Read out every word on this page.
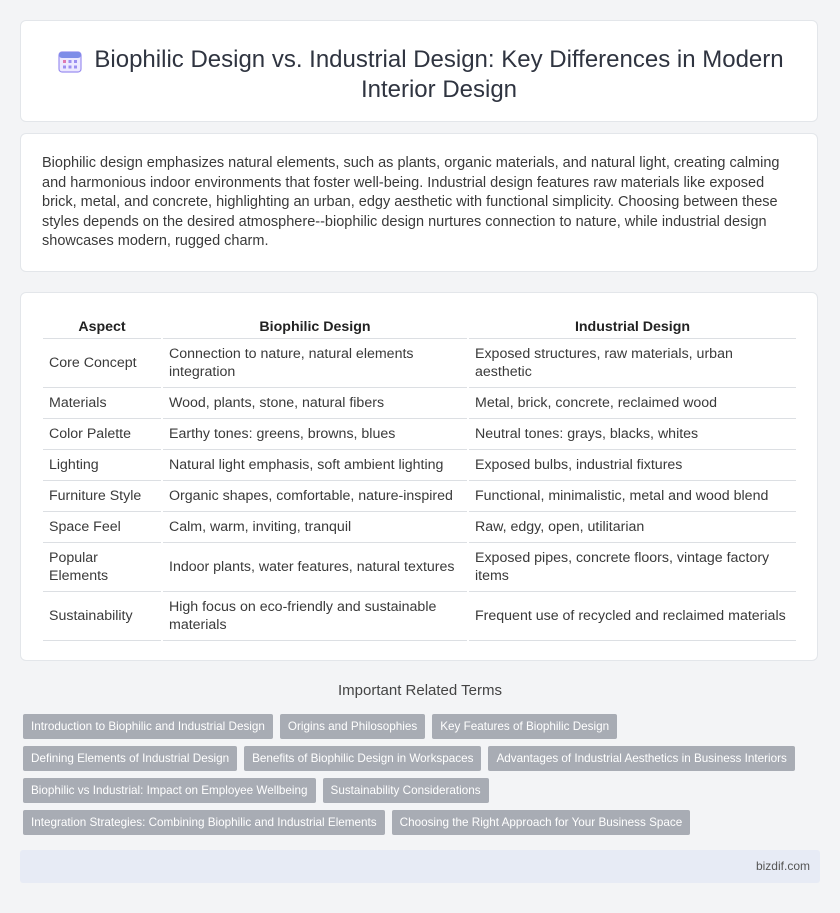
Biophilic Design vs. Industrial Design: Key Differences in Modern Interior Design

Biophilic design emphasizes natural elements, such as plants, organic materials, and natural light, creating calming and harmonious indoor environments that foster well-being. Industrial design features raw materials like exposed brick, metal, and concrete, highlighting an urban, edgy aesthetic with functional simplicity. Choosing between these styles depends on the desired atmosphere--biophilic design nurtures connection to nature, while industrial design showcases modern, rugged charm.

Aspect	Biophilic Design	Industrial Design
Core Concept	Connection to nature, natural elements integration	Exposed structures, raw materials, urban aesthetic
Materials	Wood, plants, stone, natural fibers	Metal, brick, concrete, reclaimed wood
Color Palette	Earthy tones: greens, browns, blues	Neutral tones: grays, blacks, whites
Lighting	Natural light emphasis, soft ambient lighting	Exposed bulbs, industrial fixtures
Furniture Style	Organic shapes, comfortable, nature-inspired	Functional, minimalistic, metal and wood blend
Space Feel	Calm, warm, inviting, tranquil	Raw, edgy, open, utilitarian
Popular Elements	Indoor plants, water features, natural textures	Exposed pipes, concrete floors, vintage factory items
Sustainability	High focus on eco-friendly and sustainable materials	Frequent use of recycled and reclaimed materials
Important Related Terms
Introduction to Biophilic and Industrial Design	Origins and Philosophies	Key Features of Biophilic Design
Defining Elements of Industrial Design	Benefits of Biophilic Design in Workspaces	Advantages of Industrial Aesthetics in Business Interiors
Biophilic vs Industrial: Impact on Employee Wellbeing	Sustainability Considerations
Integration Strategies: Combining Biophilic and Industrial Elements	Choosing the Right Approach for Your Business Space
bizdif.com
